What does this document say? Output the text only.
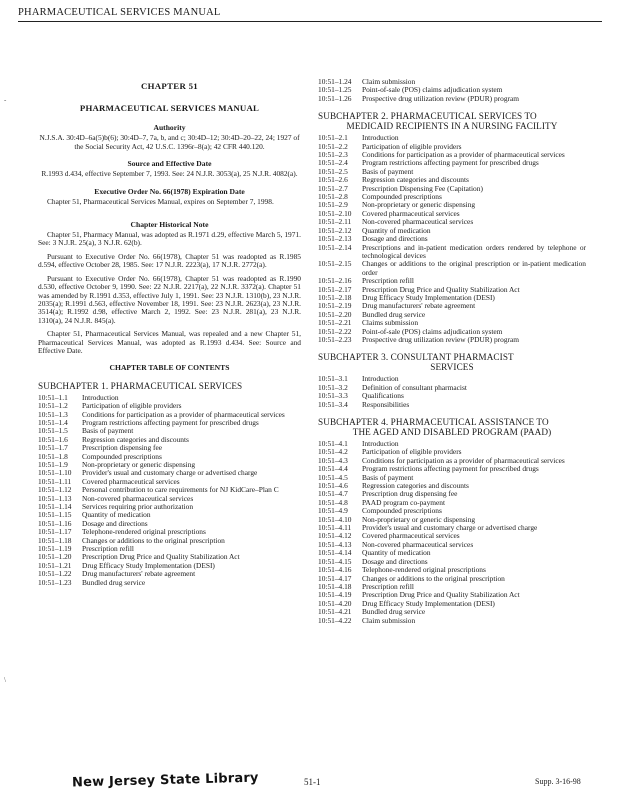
PHARMACEUTICAL SERVICES MANUAL
-
\
CHAPTER 51
PHARMACEUTICAL SERVICES MANUAL
Authority

N.J.S.A. 30:4D–6a(5)b(6); 30:4D–7, 7a, b, and c; 30:4D–12; 30:4D–20–22, 24; 1927 of the Social Security Act, 42 U.S.C. 1396r–8(a); 42 CFR 440.120.

Source and Effective Date

R.1993 d.434, effective September 7, 1993. See: 24 N.J.R. 3053(a), 25 N.J.R. 4082(a).

Executive Order No. 66(1978) Expiration Date

Chapter 51, Pharmaceutical Services Manual, expires on September 7, 1998.

Chapter Historical Note

Chapter 51, Pharmacy Manual, was adopted as R.1971 d.29, effective March 5, 1971. See: 3 N.J.R. 25(a), 3 N.J.R. 62(b).

Pursuant to Executive Order No. 66(1978), Chapter 51 was readopted as R.1985 d.594, effective October 28, 1985. See: 17 N.J.R. 2223(a), 17 N.J.R. 2772(a).

Pursuant to Executive Order No. 66(1978), Chapter 51 was readopted as R.1990 d.530, effective October 9, 1990. See: 22 N.J.R. 2217(a), 22 N.J.R. 3372(a). Chapter 51 was amended by R.1991 d.353, effective July 1, 1991. See: 23 N.J.R. 1310(b), 23 N.J.R. 2035(a); R.1991 d.563, effective November 18, 1991. See: 23 N.J.R. 2623(a), 23 N.J.R. 3514(a); R.1992 d.98, effective March 2, 1992. See: 23 N.J.R. 281(a), 23 N.J.R. 1310(a), 24 N.J.R. 845(a).

Chapter 51, Pharmaceutical Services Manual, was repealed and a new Chapter 51, Pharmaceutical Services Manual, was adopted as R.1993 d.434. See: Source and Effective Date.

CHAPTER TABLE OF CONTENTS
SUBCHAPTER 1. PHARMACEUTICAL SERVICES
10:51–1.1	Introduction
10:51–1.2	Participation of eligible providers
10:51–1.3	Conditions for participation as a provider of pharmaceutical services
10:51–1.4	Program restrictions affecting payment for prescribed drugs
10:51–1.5	Basis of payment
10:51–1.6	Regression categories and discounts
10:51–1.7	Prescription dispensing fee
10:51–1.8	Compounded prescriptions
10:51–1.9	Non-proprietary or generic dispensing
10:51–1.10	Provider's usual and customary charge or advertised charge
10:51–1.11	Covered pharmaceutical services
10:51–1.12	Personal contribution to care requirements for NJ KidCare–Plan C
10:51–1.13	Non-covered pharmaceutical services
10:51–1.14	Services requiring prior authorization
10:51–1.15	Quantity of medication
10:51–1.16	Dosage and directions
10:51–1.17	Telephone-rendered original prescriptions
10:51–1.18	Changes or additions to the original prescription
10:51–1.19	Prescription refill
10:51–1.20	Prescription Drug Price and Quality Stabilization Act
10:51–1.21	Drug Efficacy Study Implementation (DESI)
10:51–1.22	Drug manufacturers' rebate agreement
10:51–1.23	Bundled drug service
10:51–1.24	Claim submission
10:51–1.25	Point-of-sale (POS) claims adjudication system
10:51–1.26	Prospective drug utilization review (PDUR) program
SUBCHAPTER 2. PHARMACEUTICAL SERVICES TO
MEDICAID RECIPIENTS IN A NURSING FACILITY
10:51–2.1	Introduction
10:51–2.2	Participation of eligible providers
10:51–2.3	Conditions for participation as a provider of pharmaceutical services
10:51–2.4	Program restrictions affecting payment for prescribed drugs
10:51–2.5	Basis of payment
10:51–2.6	Regression categories and discounts
10:51–2.7	Prescription Dispensing Fee (Capitation)
10:51–2.8	Compounded prescriptions
10:51–2.9	Non-proprietary or generic dispensing
10:51–2.10	Covered pharmaceutical services
10:51–2.11	Non-covered pharmaceutical services
10:51–2.12	Quantity of medication
10:51–2.13	Dosage and directions
10:51–2.14	Prescriptions and in-patient medication orders rendered by telephone or technological devices
10:51–2.15	Changes or additions to the original prescription or in-patient medication order
10:51–2.16	Prescription refill
10:51–2.17	Prescription Drug Price and Quality Stabilization Act
10:51–2.18	Drug Efficacy Study Implementation (DESI)
10:51–2.19	Drug manufacturers' rebate agreement
10:51–2.20	Bundled drug service
10:51–2.21	Claims submission
10:51–2.22	Point-of-sale (POS) claims adjudication system
10:51–2.23	Prospective drug utilization review (PDUR) program
SUBCHAPTER 3. CONSULTANT PHARMACIST
SERVICES
10:51–3.1	Introduction
10:51–3.2	Definition of consultant pharmacist
10:51–3.3	Qualifications
10:51–3.4	Responsibilities
SUBCHAPTER 4. PHARMACEUTICAL ASSISTANCE TO
THE AGED AND DISABLED PROGRAM (PAAD)
10:51–4.1	Introduction
10:51–4.2	Participation of eligible providers
10:51–4.3	Conditions for participation as a provider of pharmaceutical services
10:51–4.4	Program restrictions affecting payment for prescribed drugs
10:51–4.5	Basis of payment
10:51–4.6	Regression categories and discounts
10:51–4.7	Prescription drug dispensing fee
10:51–4.8	PAAD program co-payment
10:51–4.9	Compounded prescriptions
10:51–4.10	Non-proprietary or generic dispensing
10:51–4.11	Provider's usual and customary charge or advertised charge
10:51–4.12	Covered pharmaceutical services
10:51–4.13	Non-covered pharmaceutical services
10:51–4.14	Quantity of medication
10:51–4.15	Dosage and directions
10:51–4.16	Telephone-rendered original prescriptions
10:51–4.17	Changes or additions to the original prescription
10:51–4.18	Prescription refill
10:51–4.19	Prescription Drug Price and Quality Stabilization Act
10:51–4.20	Drug Efficacy Study Implementation (DESI)
10:51–4.21	Bundled drug service
10:51–4.22	Claim submission
New Jersey State Library	51-1	Supp. 3-16-98
